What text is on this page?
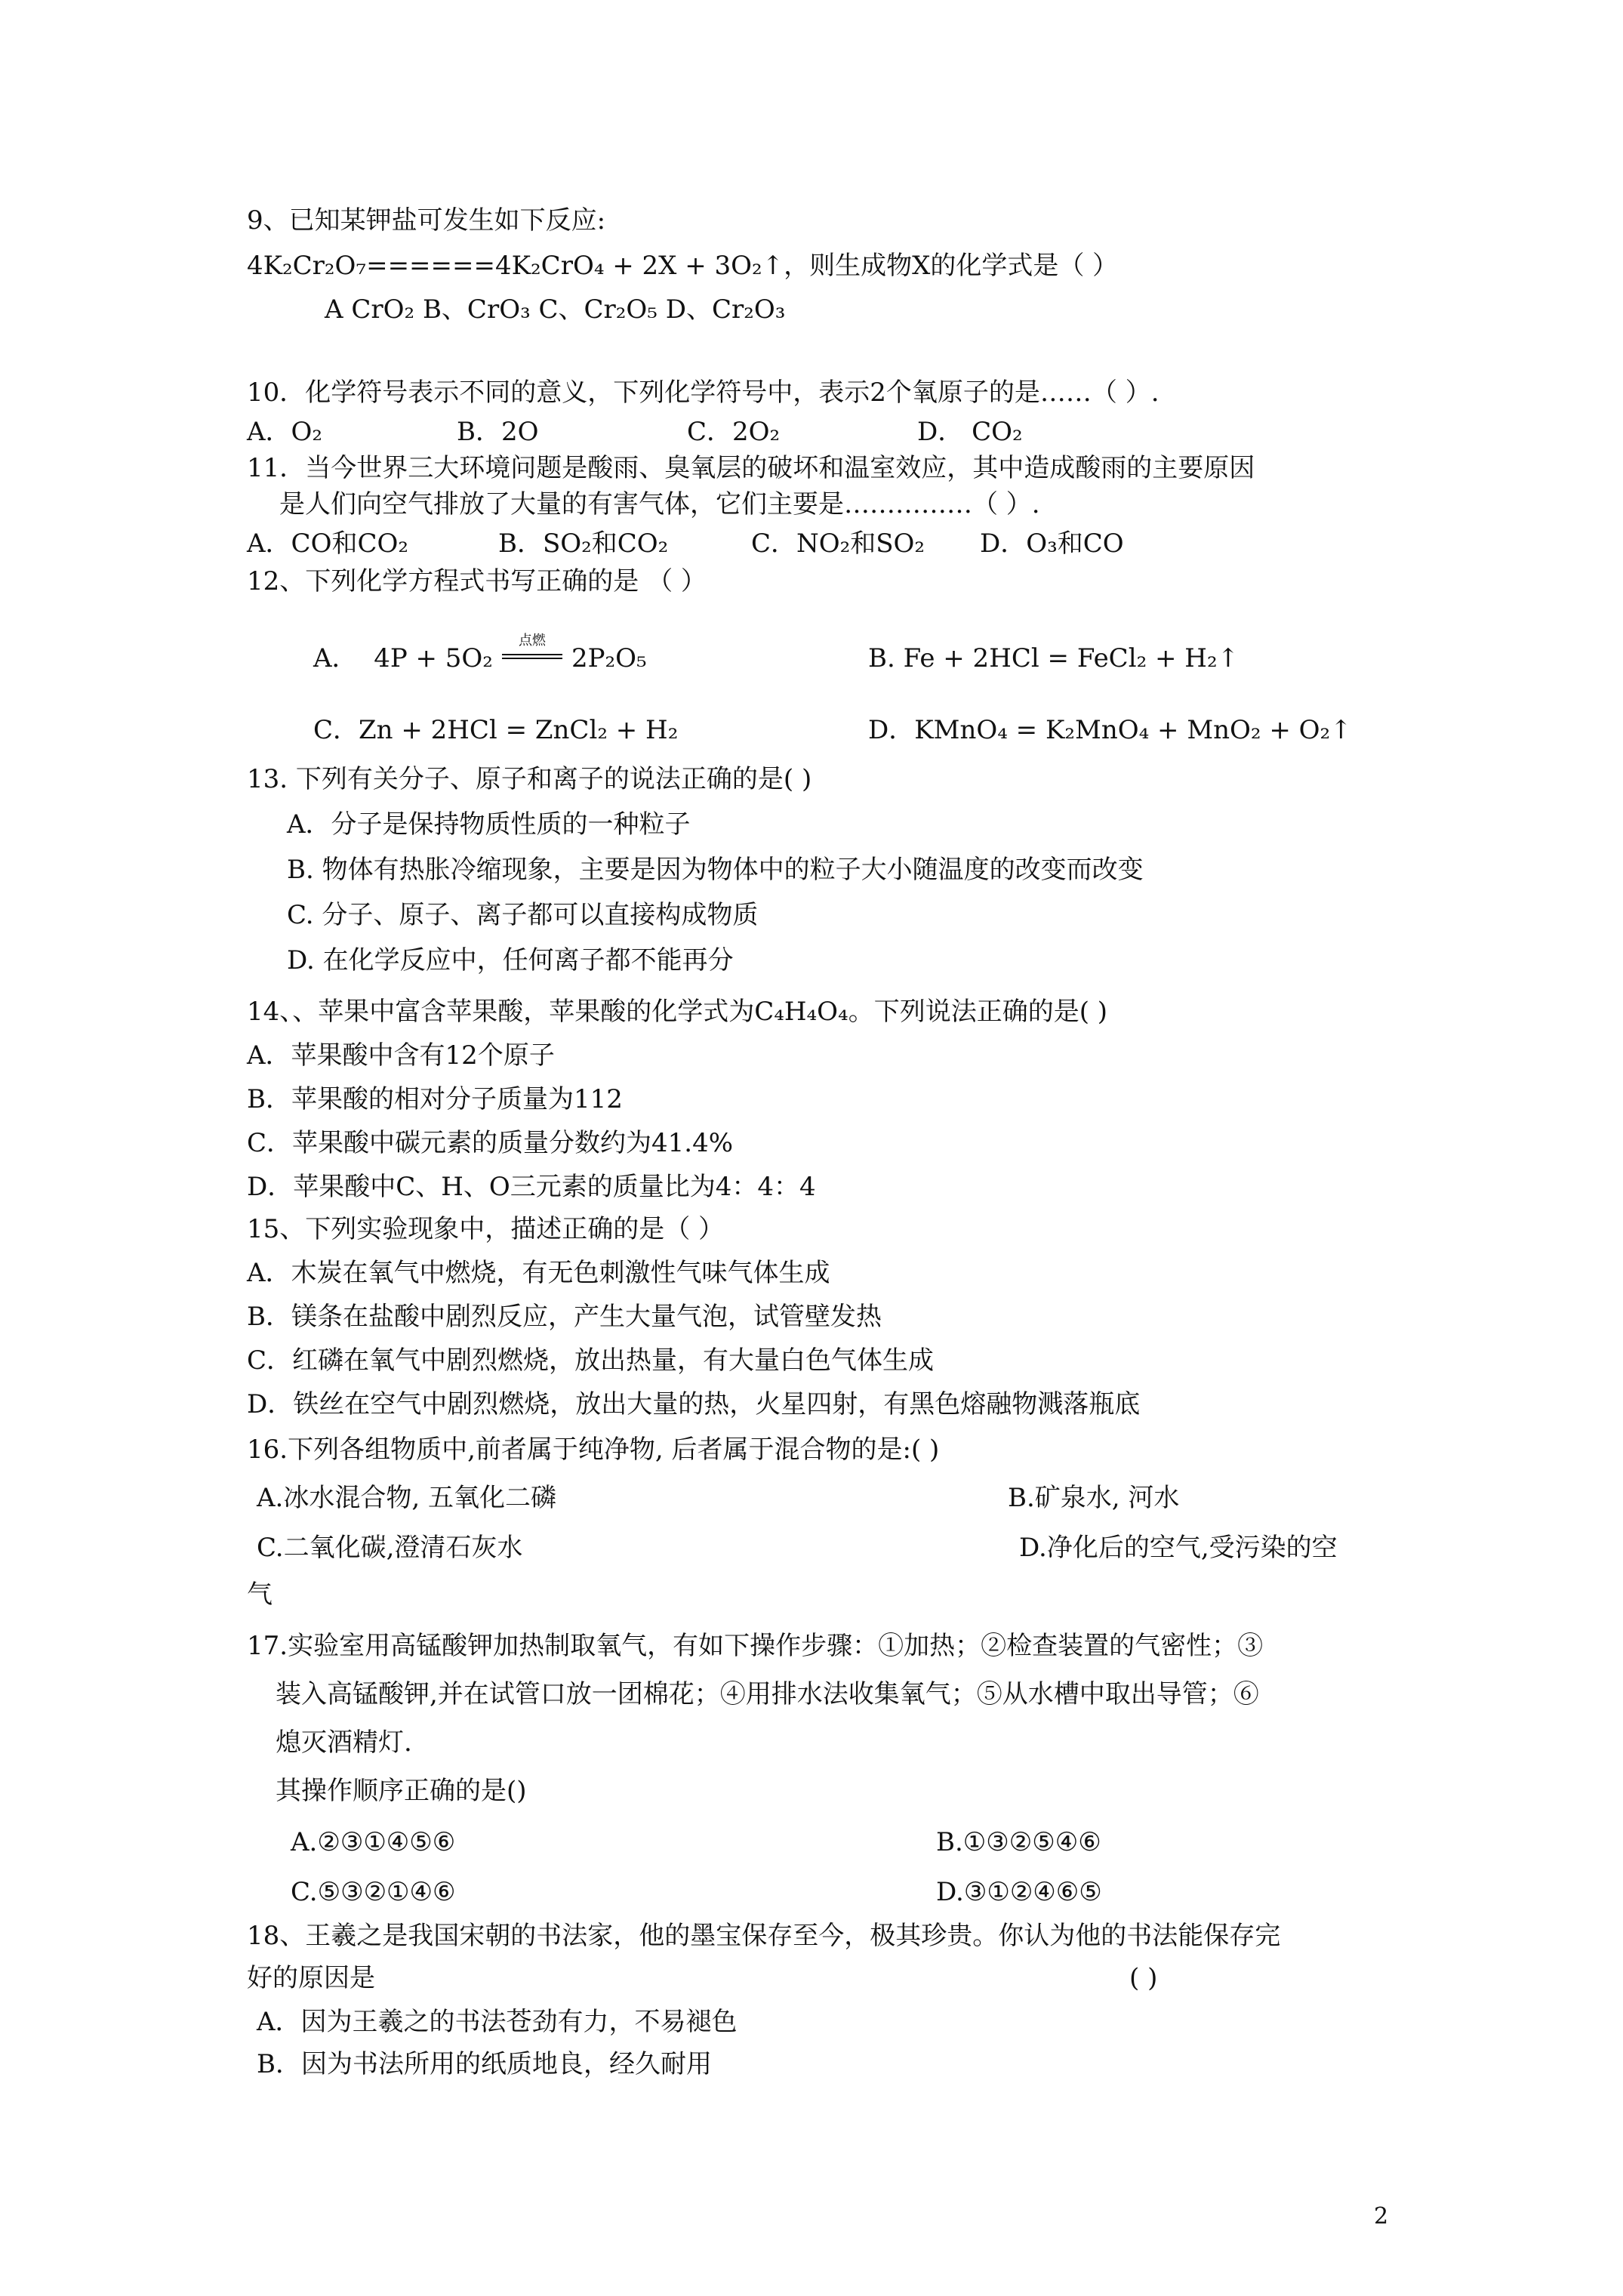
9、已知某钾盐可发生如下反应:
4K₂Cr₂O₇======4K₂CrO₄ + 2X + 3O₂↑，则生成物X的化学式是（ ）
A CrO₂ B、CrO₃ C、Cr₂O₅ D、Cr₂O₃
10．化学符号表示不同的意义，下列化学符号中，表示2个氧原子的是……（ ）.
A．O₂	B．2O	C．2O₂	D． CO₂
11．当今世界三大环境问题是酸雨、臭氧层的破坏和温室效应，其中造成酸雨的主要原因
是人们向空气排放了大量的有害气体，它们主要是……………（ ）.
A．CO和CO₂	B．SO₂和CO₂	C．NO₂和SO₂ D．O₃和CO
12、下列化学方程式书写正确的是 （ ）
A． 4P + 5O₂
点燃
2P₂O₅	B. Fe + 2HCl = FeCl₂ + H₂↑
C．Zn + 2HCl = ZnCl₂ + H₂	D．KMnO₄ = K₂MnO₄ + MnO₂ + O₂↑
13. 下列有关分子、原子和离子的说法正确的是( )
A．分子是保持物质性质的一种粒子
B. 物体有热胀冷缩现象，主要是因为物体中的粒子大小随温度的改变而改变
C. 分子、原子、离子都可以直接构成物质
D. 在化学反应中，任何离子都不能再分
14、、苹果中富含苹果酸，苹果酸的化学式为C₄H₄O₄。下列说法正确的是( )
A．苹果酸中含有12个原子
B．苹果酸的相对分子质量为112
C．苹果酸中碳元素的质量分数约为41.4%
D．苹果酸中C、H、O三元素的质量比为4：4：4
15、下列实验现象中，描述正确的是（ ）
A．木炭在氧气中燃烧，有无色刺激性气味气体生成
B．镁条在盐酸中剧烈反应，产生大量气泡，试管壁发热
C．红磷在氧气中剧烈燃烧，放出热量，有大量白色气体生成
D．铁丝在空气中剧烈燃烧，放出大量的热，火星四射，有黑色熔融物溅落瓶底
16.下列各组物质中,前者属于纯净物, 后者属于混合物的是:( )
A.冰水混合物, 五氧化二磷	B.矿泉水, 河水
C.二氧化碳,澄清石灰水	D.净化后的空气,受污染的空
气
17.实验室用高锰酸钾加热制取氧气，有如下操作步骤：①加热；②检查装置的气密性；③
装入高锰酸钾,并在试管口放一团棉花；④用排水法收集氧气；⑤从水槽中取出导管；⑥
熄灭酒精灯.
其操作顺序正确的是()
A.②③①④⑤⑥	B.①③②⑤④⑥
C.⑤③②①④⑥	D.③①②④⑥⑤
18、王羲之是我国宋朝的书法家，他的墨宝保存至今，极其珍贵。你认为他的书法能保存完
好的原因是	( )
A．因为王羲之的书法苍劲有力，不易褪色
B．因为书法所用的纸质地良，经久耐用
2
